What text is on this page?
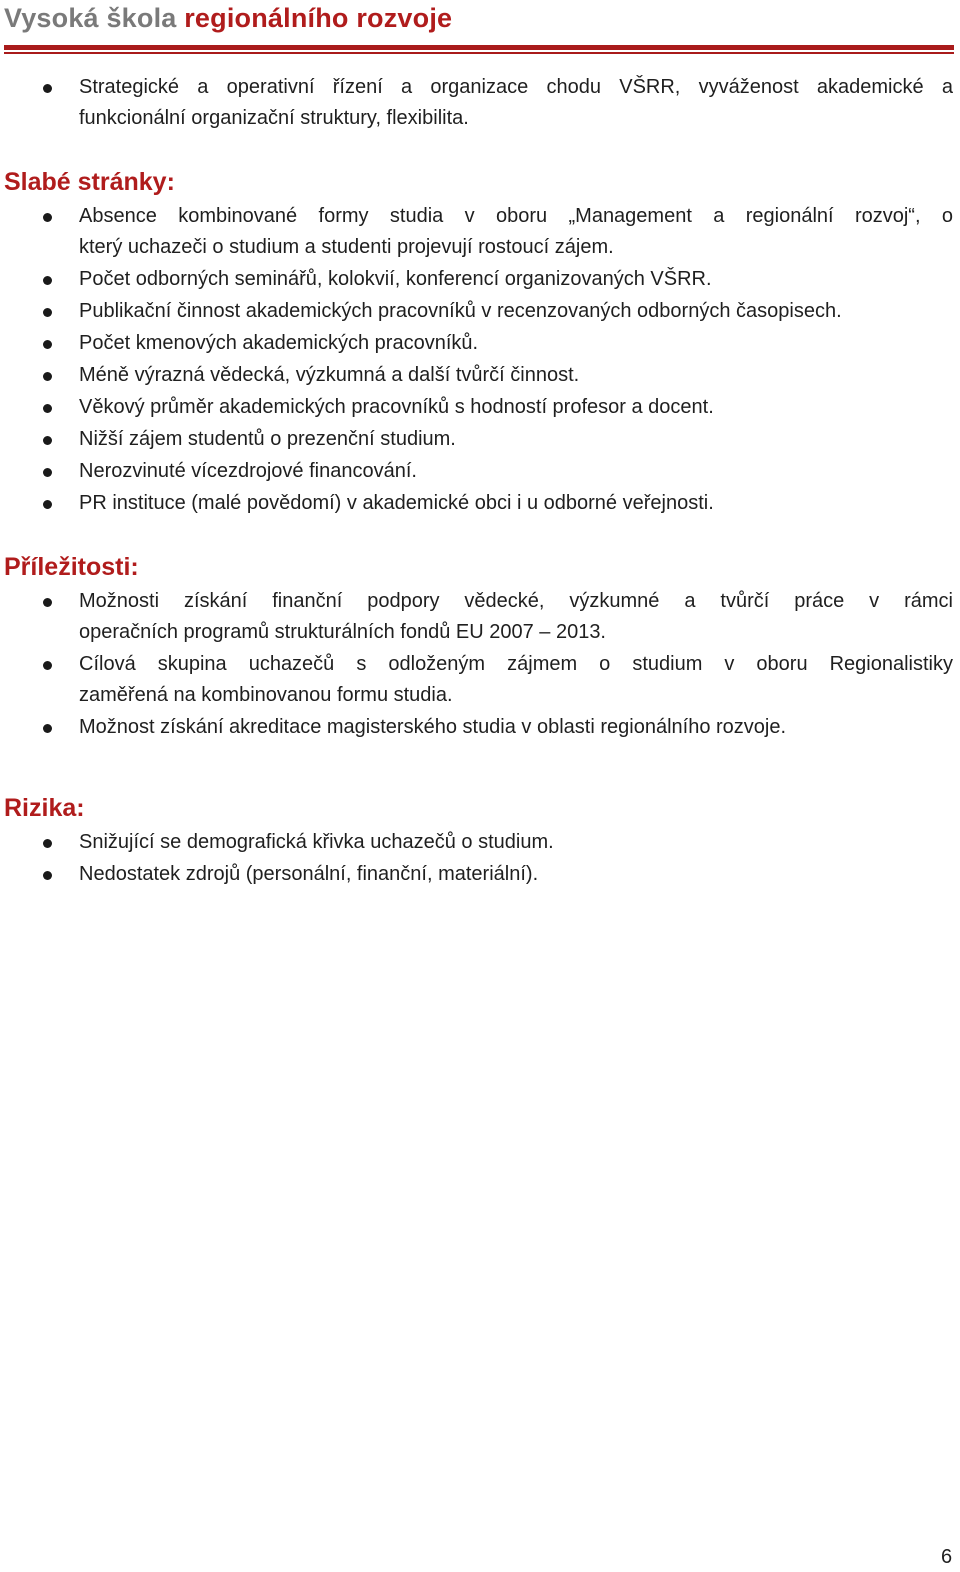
Vysoká škola regionálního rozvoje
Strategické a operativní řízení a organizace chodu VŠRR, vyváženost akademické a
funkcionální organizační struktury, flexibilita.
Slabé stránky:
Absence kombinované formy studia v oboru „Management a regionální rozvoj“, o
který uchazeči o studium a studenti projevují rostoucí zájem.
Počet odborných seminářů, kolokvií, konferencí organizovaných VŠRR.
Publikační činnost akademických pracovníků v recenzovaných odborných časopisech.
Počet kmenových akademických pracovníků.
Méně výrazná vědecká, výzkumná a další tvůrčí činnost.
Věkový průměr akademických pracovníků s hodností profesor a docent.
Nižší zájem studentů o prezenční studium.
Nerozvinuté vícezdrojové financování.
PR instituce (malé povědomí) v akademické obci i u odborné veřejnosti.
Příležitosti:
Možnosti získání finanční podpory vědecké, výzkumné a tvůrčí práce v rámci
operačních programů strukturálních fondů EU 2007 – 2013.
Cílová skupina uchazečů s odloženým zájmem o studium v oboru Regionalistiky
zaměřená na kombinovanou formu studia.
Možnost získání akreditace magisterského studia v oblasti regionálního rozvoje.
Rizika:
Snižující se demografická křivka uchazečů o studium.
Nedostatek zdrojů (personální, finanční, materiální).
6
